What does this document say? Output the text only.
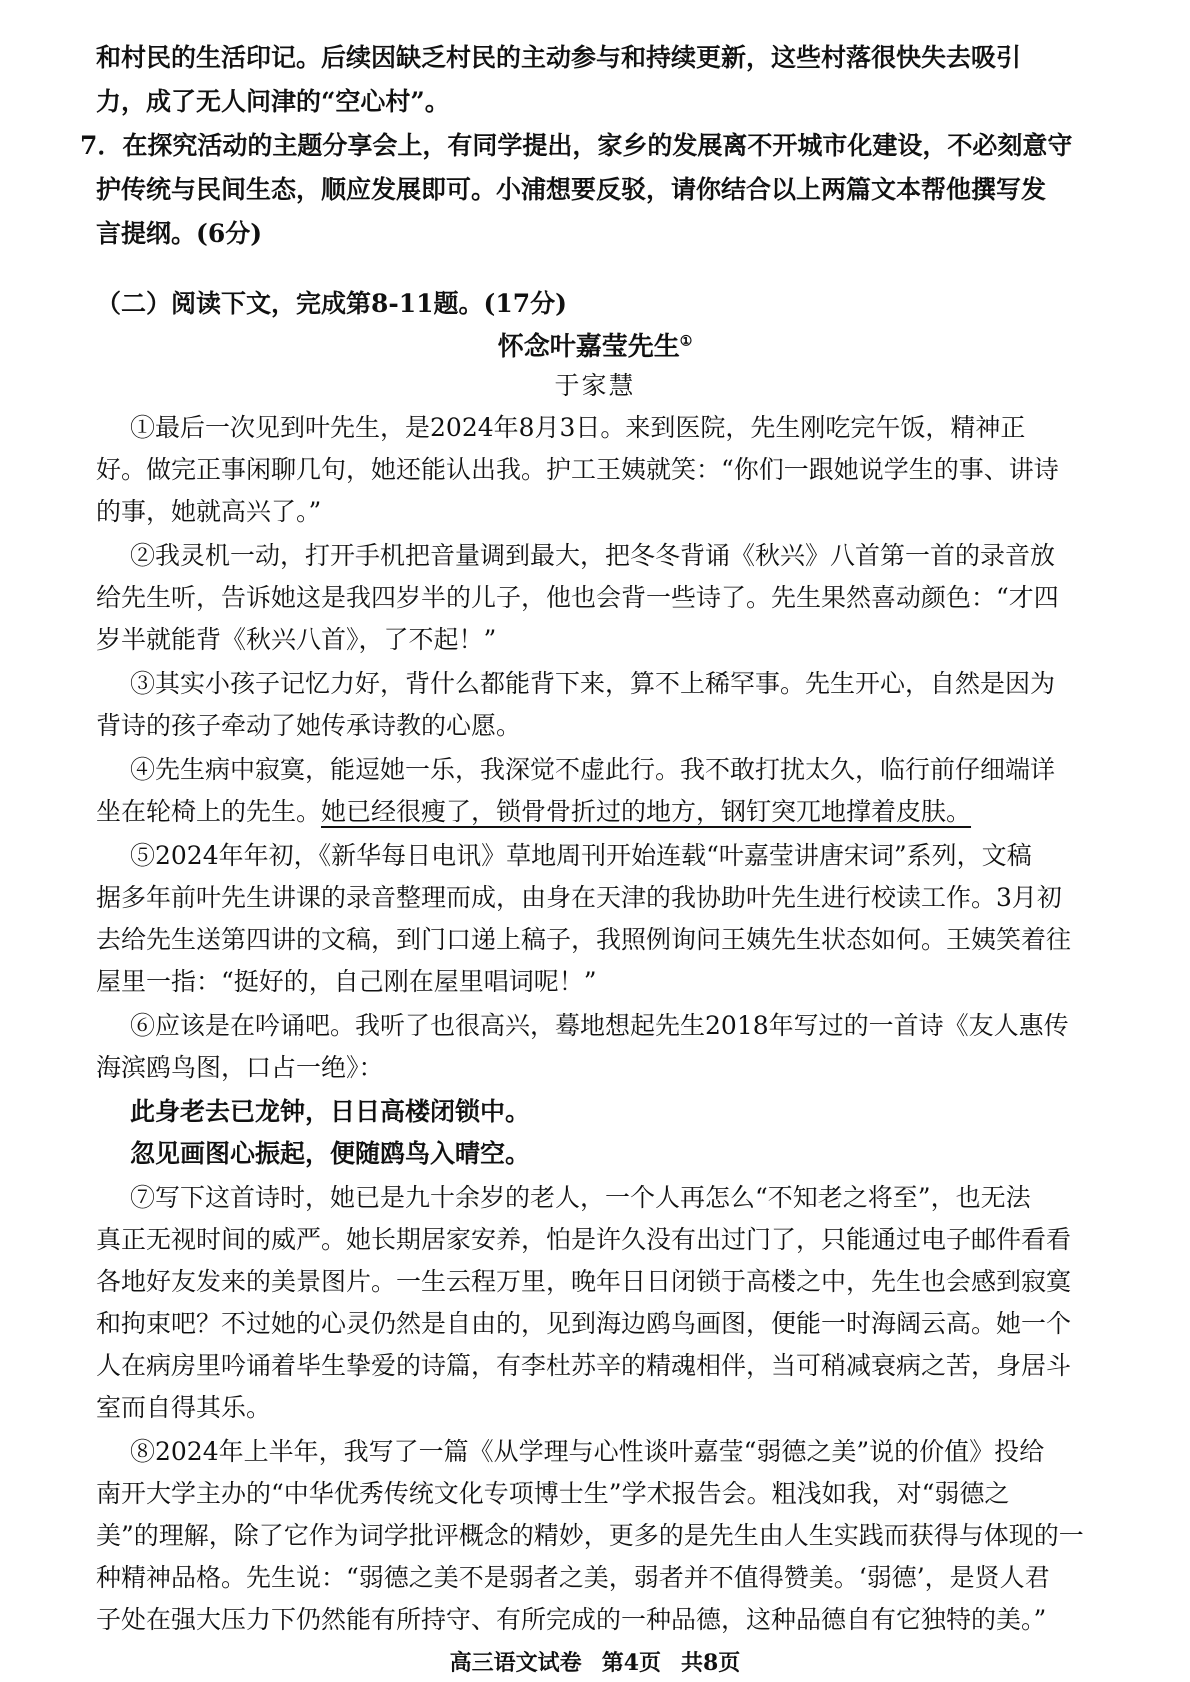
和村民的生活印记。后续因缺乏村民的主动参与和持续更新，这些村落很快失去吸引
力，成了无人问津的“空心村”。
7．在探究活动的主题分享会上，有同学提出，家乡的发展离不开城市化建设，不必刻意守
护传统与民间生态，顺应发展即可。小浦想要反驳，请你结合以上两篇文本帮他撰写发
言提纲。(6分)
（二）阅读下文，完成第8-11题。(17分)
怀念叶嘉莹先生①
于家慧
①最后一次见到叶先生，是2024年8月3日。来到医院，先生刚吃完午饭，精神正
好。做完正事闲聊几句，她还能认出我。护工王姨就笑：“你们一跟她说学生的事、讲诗
的事，她就高兴了。”
②我灵机一动，打开手机把音量调到最大，把冬冬背诵《秋兴》八首第一首的录音放
给先生听，告诉她这是我四岁半的儿子，他也会背一些诗了。先生果然喜动颜色：“才四
岁半就能背《秋兴八首》，了不起！”
③其实小孩子记忆力好，背什么都能背下来，算不上稀罕事。先生开心，自然是因为
背诗的孩子牵动了她传承诗教的心愿。
④先生病中寂寞，能逗她一乐，我深觉不虚此行。我不敢打扰太久，临行前仔细端详
坐在轮椅上的先生。她已经很瘦了，锁骨骨折过的地方，钢钉突兀地撑着皮肤。
⑤2024年年初，《新华每日电讯》草地周刊开始连载“叶嘉莹讲唐宋词”系列，文稿
据多年前叶先生讲课的录音整理而成，由身在天津的我协助叶先生进行校读工作。3月初
去给先生送第四讲的文稿，到门口递上稿子，我照例询问王姨先生状态如何。王姨笑着往
屋里一指：“挺好的，自己刚在屋里唱词呢！”
⑥应该是在吟诵吧。我听了也很高兴，蓦地想起先生2018年写过的一首诗《友人惠传
海滨鸥鸟图，口占一绝》：
此身老去已龙钟，日日高楼闭锁中。
忽见画图心振起，便随鸥鸟入晴空。
⑦写下这首诗时，她已是九十余岁的老人，一个人再怎么“不知老之将至”，也无法
真正无视时间的威严。她长期居家安养，怕是许久没有出过门了，只能通过电子邮件看看
各地好友发来的美景图片。一生云程万里，晚年日日闭锁于高楼之中，先生也会感到寂寞
和拘束吧？不过她的心灵仍然是自由的，见到海边鸥鸟画图，便能一时海阔云高。她一个
人在病房里吟诵着毕生挚爱的诗篇，有李杜苏辛的精魂相伴，当可稍减衰病之苦，身居斗
室而自得其乐。
⑧2024年上半年，我写了一篇《从学理与心性谈叶嘉莹“弱德之美”说的价值》投给
南开大学主办的“中华优秀传统文化专项博士生”学术报告会。粗浅如我，对“弱德之
美”的理解，除了它作为词学批评概念的精妙，更多的是先生由人生实践而获得与体现的一
种精神品格。先生说：“弱德之美不是弱者之美，弱者并不值得赞美。‘弱德’，是贤人君
子处在强大压力下仍然能有所持守、有所完成的一种品德，这种品德自有它独特的美。”
高三语文试卷 第4页 共8页
